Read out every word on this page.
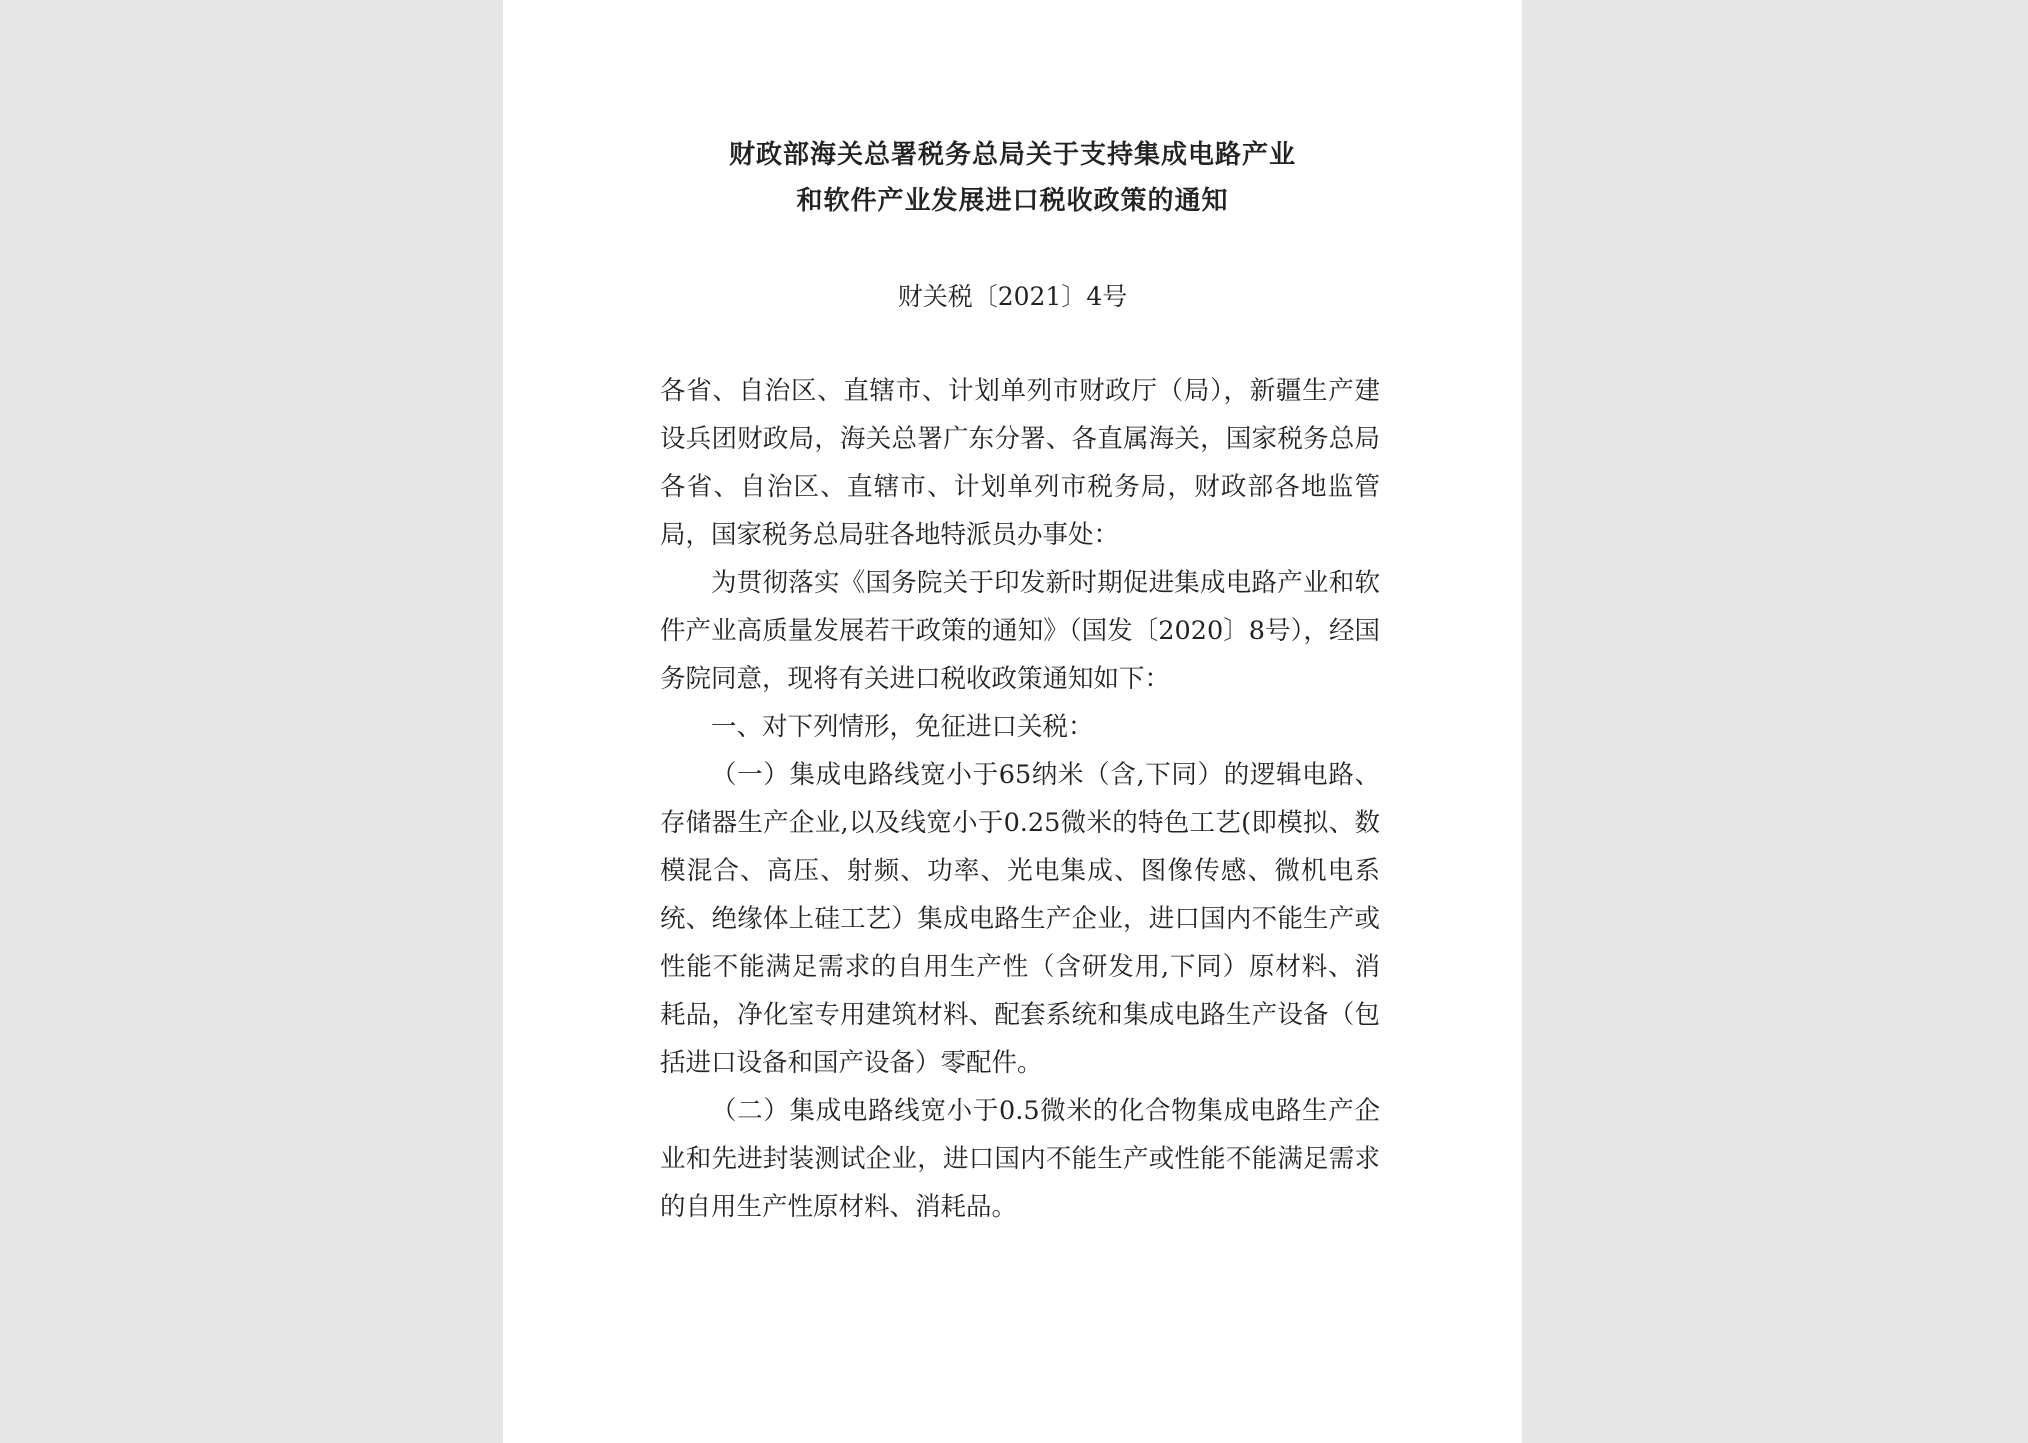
财政部海关总署税务总局关于支持集成电路产业
和软件产业发展进口税收政策的通知
财关税〔2021〕4号
各省、自治区、直辖市、计划单列市财政厅（局），新疆生产建设兵团财政局，海关总署广东分署、各直属海关，国家税务总局各省、自治区、直辖市、计划单列市税务局，财政部各地监管局，国家税务总局驻各地特派员办事处：
为贯彻落实《国务院关于印发新时期促进集成电路产业和软件产业高质量发展若干政策的通知》（国发〔2020〕8号），经国务院同意，现将有关进口税收政策通知如下：
一、对下列情形，免征进口关税：
（一）集成电路线宽小于65纳米（含,下同）的逻辑电路、存储器生产企业,以及线宽小于0.25微米的特色工艺(即模拟、数模混合、高压、射频、功率、光电集成、图像传感、微机电系统、绝缘体上硅工艺）集成电路生产企业，进口国内不能生产或性能不能满足需求的自用生产性（含研发用,下同）原材料、消耗品，净化室专用建筑材料、配套系统和集成电路生产设备（包括进口设备和国产设备）零配件。
（二）集成电路线宽小于0.5微米的化合物集成电路生产企业和先进封装测试企业，进口国内不能生产或性能不能满足需求的自用生产性原材料、消耗品。
